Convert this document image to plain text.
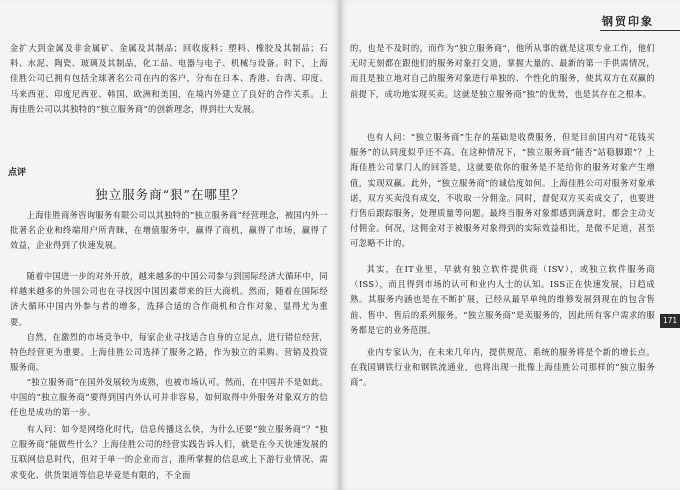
金扩大到金属及非金属矿、金属及其制品；回收废料；塑料、橡胶及其制品；石料、水泥、陶瓷、玻璃及其制品，化工品、电器与电子、机械与设备。时下，上海佳胜公司已拥有包括全球著名公司在内的客户，分布在日本、香港、台湾、印度、马来西亚、印度尼西亚、韩国、欧洲和美国，在境内外建立了良好的合作关系。上海佳胜公司以其独特的“独立服务商”的创新理念，得到壮大发展。

点评
独立服务商“狠”在哪里？

上海佳胜商务咨询服务有限公司以其独特的“独立服务商”经营理念，被国内外一批著名企业和终端用户所青睐，在增值服务中，赢得了商机，赢得了市场，赢得了效益，企业得到了快速发展。

随着中国进一步的对外开放，越来越多的中国公司参与到国际经济大循环中，同样越来越多的外国公司也在寻找因中国因素带来的巨大商机。然而，随着在国际经济大循环中国内外参与者的增多，选择合适的合作商机和合作对象，显得尤为重要。

自然，在激烈的市场竞争中，每家企业寻找适合自身的立足点，进行错位经营，特色经营更为重要。上海佳胜公司选择了服务之路，作为独立的采购、营销及投资服务商。

“独立服务商”在国外发展较为成熟，也被市场认可。然而，在中国并不是如此。中国的“独立服务商”要得到国内外认可并非容易，如何取得中外服务对象双方的信任也是成功的第一步。

有人问：如今是网络化时代，信息传播这么快，为什么还要“独立服务商”？“独立服务商”能做些什么？上海佳胜公司的经营实践告诉人们，就是在今天快速发展的互联网信息时代，但对于单一的企业而言，准所掌握的信息或上下游行业情况、需求变化、供货渠道等信息毕竟是有限的，不全面

钢贸印象

的，也是不及时的，而作为“独立服务商”，他所从事的就是这项专业工作，他们无时无刻都在跟他们的服务对象打交道，掌握大量的、最新的第一手供需情况，而且是独立地对自己的服务对象进行单独的、个性化的服务，使其双方在双赢的前提下，成功地实现买卖。这就是独立服务商“独”的优势，也是其存在之根本。

也有人问：“独立服务商”生存的基础是收费服务，但是目前国内对“花钱买服务”的认同度似乎还不高。在这种情况下，“独立服务商”能否“站稳脚跟”？上海佳胜公司掌门人的回答是，这就要依你的服务是不是给你的服务对象产生增值，实现双赢。此外，“独立服务商”的诚信度如何。上海佳胜公司对服务对象承诺，双方买卖没有成交，不收取一分佣金。同时，督促双方买卖成交了，也要进行售后跟踪服务，处理质量等问题。最终当服务对象都感到满意时，都会主动支付佣金。何况，这佣金对于被服务对象得到的实际效益相比，是微不足道，甚至可忽略不计的。

其实，在IT业里，早就有独立软件提供商（ISV），或独立软件服务商（ISS），而且得到市场的认可和业内人士的认知。ISS正在快速发展，日趋成熟。其服务内涵也是在不断扩展，已经从最早单纯的维修发展到现在的包含售前、售中、售后的系列服务。“独立服务商”是卖服务的，因此所有客户需求的服务都是它的业务范围。

业内专家认为，在未来几年内，提供规范、系统的服务将是个新的增长点。在我国钢铁行业和钢铁流通业，也将出现一批像上海佳胜公司那样的“独立服务商”。

171
